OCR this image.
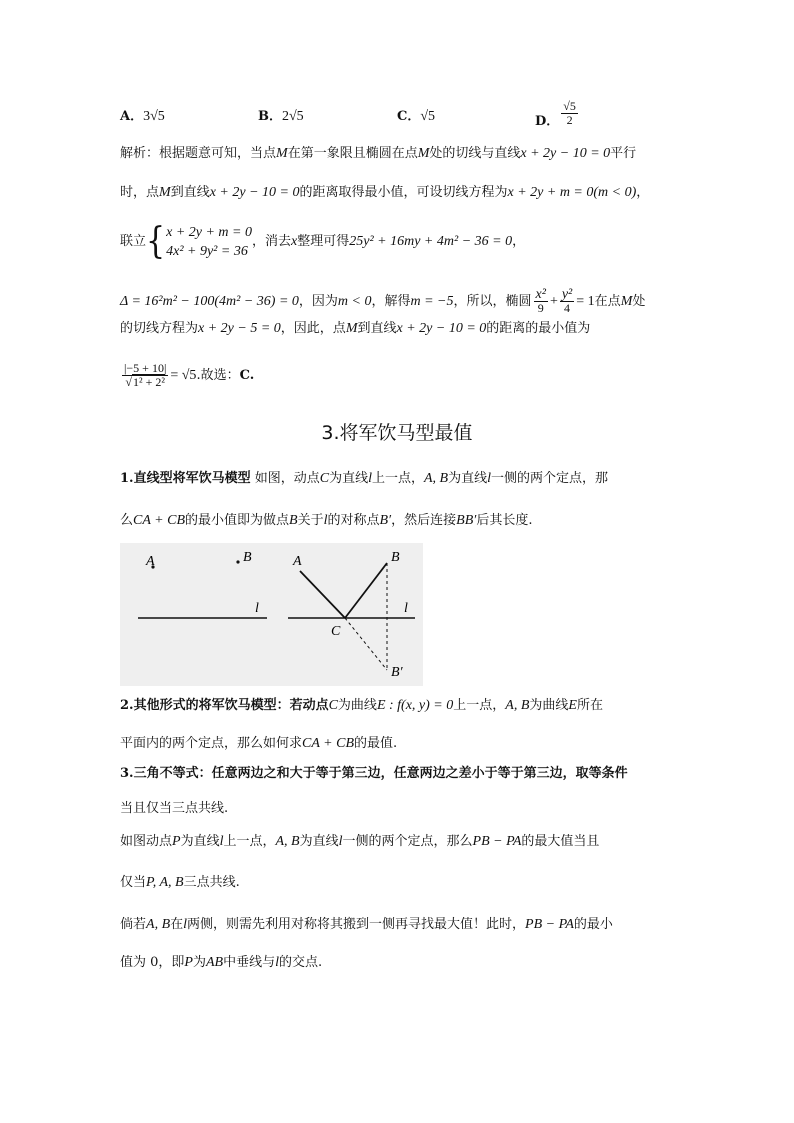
A．3√5	B．2√5	C．√5	D． $\frac{√5}{2}$
解析：根据题意可知，当点M在第一象限且椭圆在点M处的切线与直线x + 2y − 10 = 0平行
时，点M到直线x + 2y − 10 = 0的距离取得最小值，可设切线方程为x + 2y + m = 0(m < 0)，
联立{ x + 2y + m = 0
4x² + 9y² = 36
，消去x整理可得25y² + 16my + 4m² − 36 = 0，
Δ = 16²m² − 100(4m² − 36) = 0，因为m < 0，解得m = −5，所以，椭圆 $\frac{\text{x²}}{9} + \frac{\text{y²}}{4} = 1$在点M处
的切线方程为x + 2y − 5 = 0，因此，点M到直线x + 2y − 10 = 0的距离的最小值为
$\frac{|-5 + 10|}{\text{√1² + 2²}} = √5$.故选：C.
3.将军饮马型最值
1.直线型将军饮马模型 如图，动点C为直线l上一点，A, B为直线l一侧的两个定点，那
么CA + CB的最小值即为做点B关于l的对称点B′，然后连接BB′后其长度.
A	B
l
A	B
C
l
B′
2.其他形式的将军饮马模型：若动点C为曲线E : f(x, y) = 0上一点，A, B为曲线E所在
平面内的两个定点，那么如何求CA + CB的最值.
3.三角不等式：任意两边之和大于等于第三边，任意两边之差小于等于第三边，取等条件
当且仅当三点共线.
如图动点P为直线l上一点，A, B为直线l一侧的两个定点，那么PB − PA的最大值当且
仅当P, A, B三点共线.
倘若A, B在l两侧，则需先利用对称将其搬到一侧再寻找最大值！此时，PB − PA的最小
值为 0，即P为AB中垂线与l的交点.
